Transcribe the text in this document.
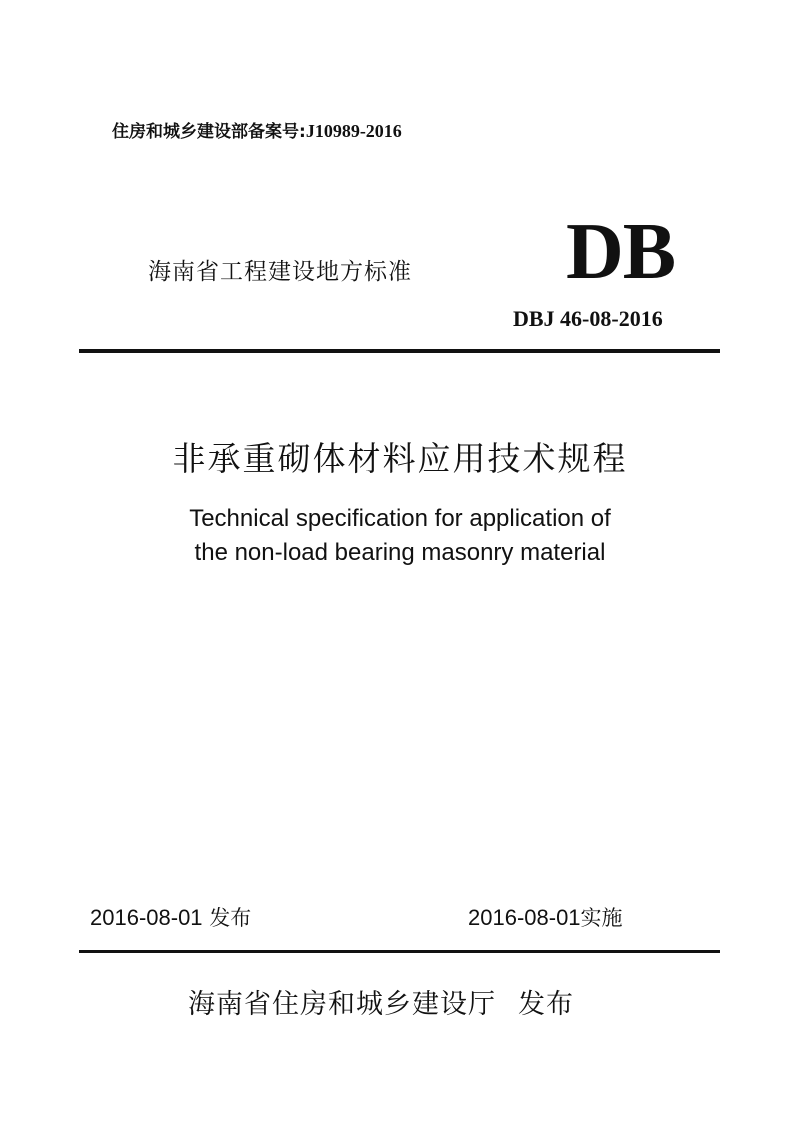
住房和城乡建设部备案号:J10989-2016
海南省工程建设地方标准 DB
DBJ 46-08-2016
非承重砌体材料应用技术规程
Technical specification for application of
the non-load bearing masonry material
2016-08-01 发布	2016-08-01实施
海南省住房和城乡建设厅 发布
